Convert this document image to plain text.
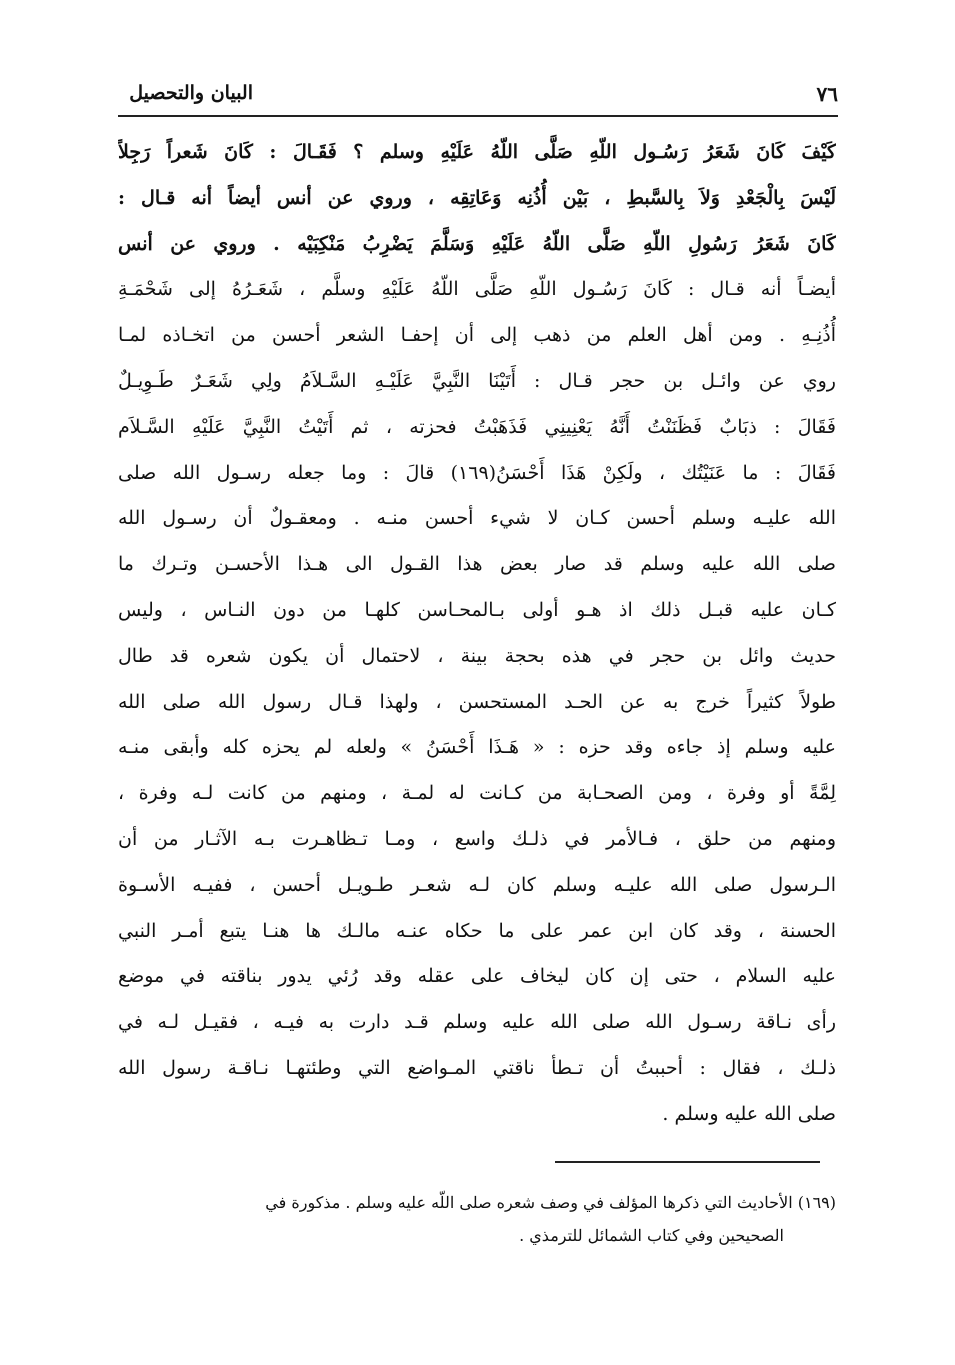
٧٦
البيان والتحصيل
كَيْفَ كَانَ شَعَرُ رَسُـول اللّهِ صَلَّى اللّهُ عَلَيْهِ وسلم ؟ فَقَـالَ : كَانَ شَعراً رَجِلاً
لَيْسَ بِالْجَعْدِ وَلاَ بِالسَّبطِ ، بَيْن أُذُنِه وَعَاتِقِه ، وروي عن أنس أيضاً أنه قـال :
كَانَ شَعَرُ رَسُولِ اللّهِ صَلَّى اللّهُ عَلَيْهِ وَسَلَّمَ يَضْرِبُ مَنْكِبَيْه . وروي عن أنس
أيضـاً أنه قـال : كَانَ رَسُـول اللّهِ صَلَّى اللّهُ عَلَيْهِ وسلَّم ، شَعَـرُهُ إلى شَحْمَـةِ
أُذُنِـهِ . ومن أهل العلم من ذهب إلى أن إحفـا الشعر أحسن من اتخـاذه لمـا
روي عن وائـل بن حجر قـال : أَتَيْنَا النَّبِيَّ عَلَيْـهِ السَّـلاَمُ ولِي شَعَـرٌ طَـوِيـلٌ
فَقَالَ : ذبَابٌ فَظَنَنْتُ أَنَّهُ يَعْنِينِي فَذَهَبْتُ فحزته ، ثم أَتَيْتُ النَّبِيَّ عَلَيْهِ السَّـلاَم
فَقَالَ : ما عَنَيْتُك ، ولَكِنْ هَذَا أَحْسَنُ(١٦٩) قالَ : وما جعله رسـول الله صلى
الله عليـه وسلم أحسن كـان لا شيء أحسن منـه . ومعقـولٌ أن رسـول الله
صلى الله عليه وسلم قد صار بعض هذا القـول الى هـذا الأحسـن وتـرك ما
كـان عليه قبـل ذلك اذ هـو أولى بـالمحـاسن كلهـا من دون النـاس ، وليس
حديث وائل بن حجر في هذه بحجة بينة ، لاحتمال أن يكون شعره قد طال
طولاً كثيراً خرج به عن الحـد المستحسن ، ولهذا قـال رسول الله صلى الله
عليه وسلم إذ جاءه وقد حزه : « هَـذَا أَحْسَنُ » ولعله لم يحزه كله وأبقى منـه
لِمَّةً أو وفرة ، ومن الصحـابة من كـانت له لمـة ، ومنهم من كانت لـه وفرة ،
ومنهم من حلق ، فـالأمر في ذلـك واسع ، ومـا تـظاهـرت بـه الآثـار من أن
الـرسول صلى الله عليـه وسلم كان لـه شعـر طـويـل أحسن ، ففيـه الأسـوة
الحسنة ، وقد كان ابن عمر على ما حكاه عنـه مالـك ها هنـا يتبع أمـر النبي
عليه السلام ، حتى إن كان ليخاف على عقله وقد رُئي يدور بناقته في موضع
رأى نـاقة رسـول الله صلى الله عليه وسلم قـد دارت به فيـه ، فقيـل لـه في
ذلـك ، فقال : أحببتُ أن تـطأ ناقتي المـواضع التي وطئتهـا نـاقـة رسول الله
صلى الله عليه وسلم .
(١٦٩) الأحاديث التي ذكرها المؤلف في وصف شعره صلى اللّه عليه وسلم . مذكورة في
الصحيحين وفي كتاب الشمائل للترمذي .
